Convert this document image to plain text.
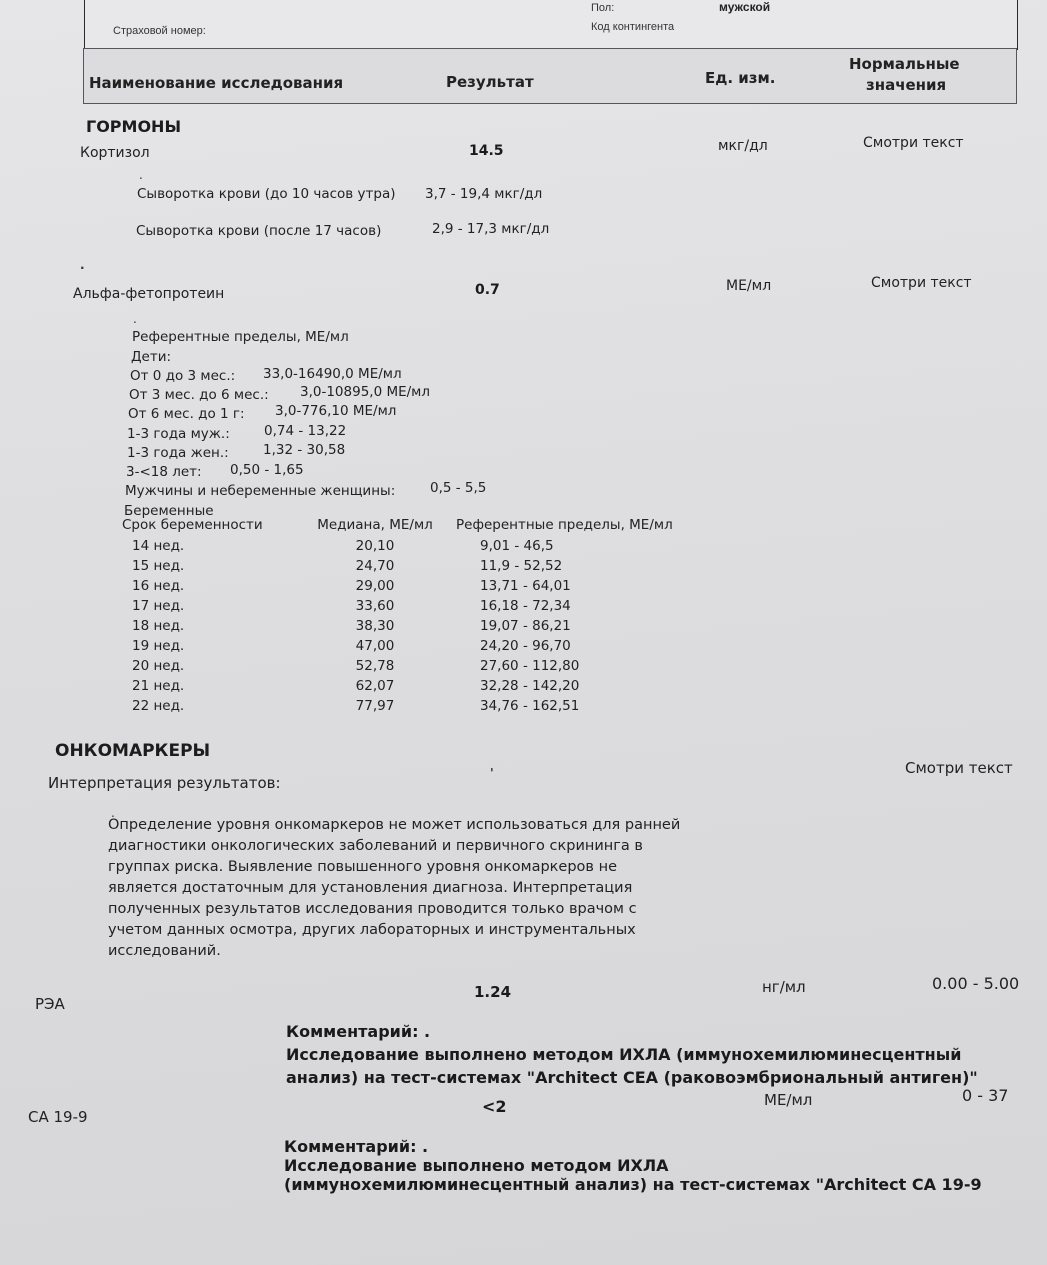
Пол:	мужской
Страховой номер:	Код контингента
Наименование исследования	Результат	Ед. изм.
Нормальные
значения
ГОРМОНЫ
Кортизол	14.5	мкг/дл	Смотри текст
.
Сыворотка крови (до 10 часов утра) 3,7 - 19,4 мкг/дл
Сыворотка крови (после 17 часов)	2,9 - 17,3 мкг/дл
.
Альфа-фетопротеин	0.7	МЕ/мл	Смотри текст
.
Референтные пределы, МЕ/мл
Дети:
От 0 до 3 мес.: 33,0-16490,0 МЕ/мл
От 3 мес. до 6 мес.: 3,0-10895,0 МЕ/мл
От 6 мес. до 1 г: 3,0-776,10 МЕ/мл
1-3 года муж.:	0,74 - 13,22
1-3 года жен.:	1,32 - 30,58
3-<18 лет: 0,50 - 1,65
Мужчины и небеременные женщины:	0,5 - 5,5
Беременные
Срок беременности	Медиана, МЕ/мл	Референтные пределы, МЕ/мл
14 нед.	20,10	9,01 - 46,5
15 нед.	24,70	11,9 - 52,52
16 нед.	29,00	13,71 - 64,01
17 нед.	33,60	16,18 - 72,34
18 нед.	38,30	19,07 - 86,21
19 нед.	47,00	24,20 - 96,70
20 нед.	52,78	27,60 - 112,80
21 нед.	62,07	32,28 - 142,20
22 нед.	77,97	34,76 - 162,51
ОНКОМАРКЕРЫ
Интерпретация результатов:
'	Смотри текст
.
Определение уровня онкомаркеров не может использоваться для ранней
диагностики онкологических заболеваний и первичного скрининга в
группах риска. Выявление повышенного уровня онкомаркеров не
является достаточным для установления диагноза. Интерпретация
полученных результатов исследования проводится только врачом с
учетом данных осмотра, других лабораторных и инструментальных
исследований.
РЭА
1.24	нг/мл	0.00 - 5.00
Комментарий: .
Исследование выполнено методом ИХЛА (иммунохемилюминесцентный
анализ) на тест-системах "Architect CEA (раковоэмбриональный антиген)"
CA 19-9
<2	МЕ/мл	0 - 37
Комментарий: .
Исследование выполнено методом ИХЛА
(иммунохемилюминесцентный анализ) на тест-системах "Architect CA 19-9
